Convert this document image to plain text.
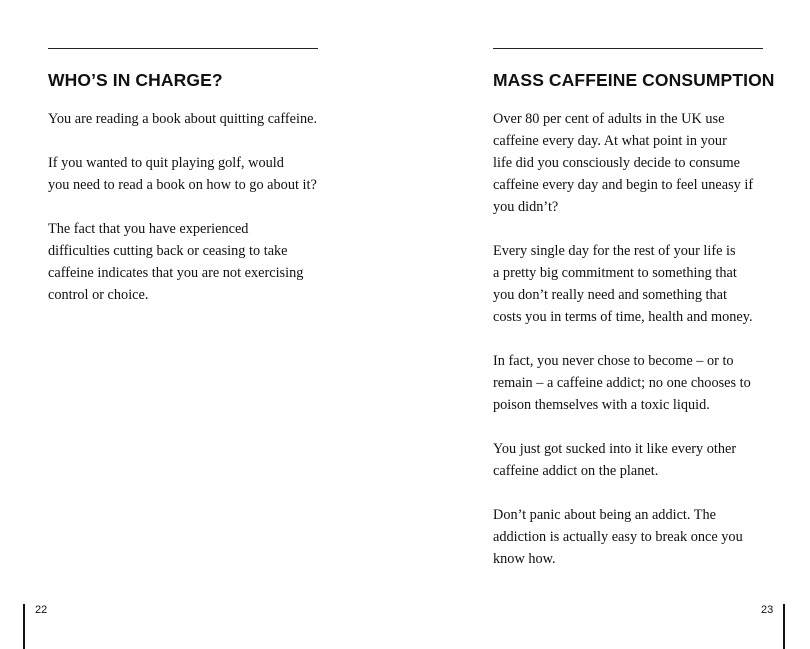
WHO’S IN CHARGE?

You are reading a book about quitting caffeine.

If you wanted to quit playing golf, would
you need to read a book on how to go about it?

The fact that you have experienced
difficulties cutting back or ceasing to take
caffeine indicates that you are not exercising
control or choice.

22
MASS CAFFEINE CONSUMPTION

Over 80 per cent of adults in the UK use
caffeine every day. At what point in your
life did you consciously decide to consume
caffeine every day and begin to feel uneasy if
you didn’t?

Every single day for the rest of your life is
a pretty big commitment to something that
you don’t really need and something that
costs you in terms of time, health and money.

In fact, you never chose to become – or to
remain – a caffeine addict; no one chooses to
poison themselves with a toxic liquid.

You just got sucked into it like every other
caffeine addict on the planet.

Don’t panic about being an addict. The
addiction is actually easy to break once you
know how.

23
